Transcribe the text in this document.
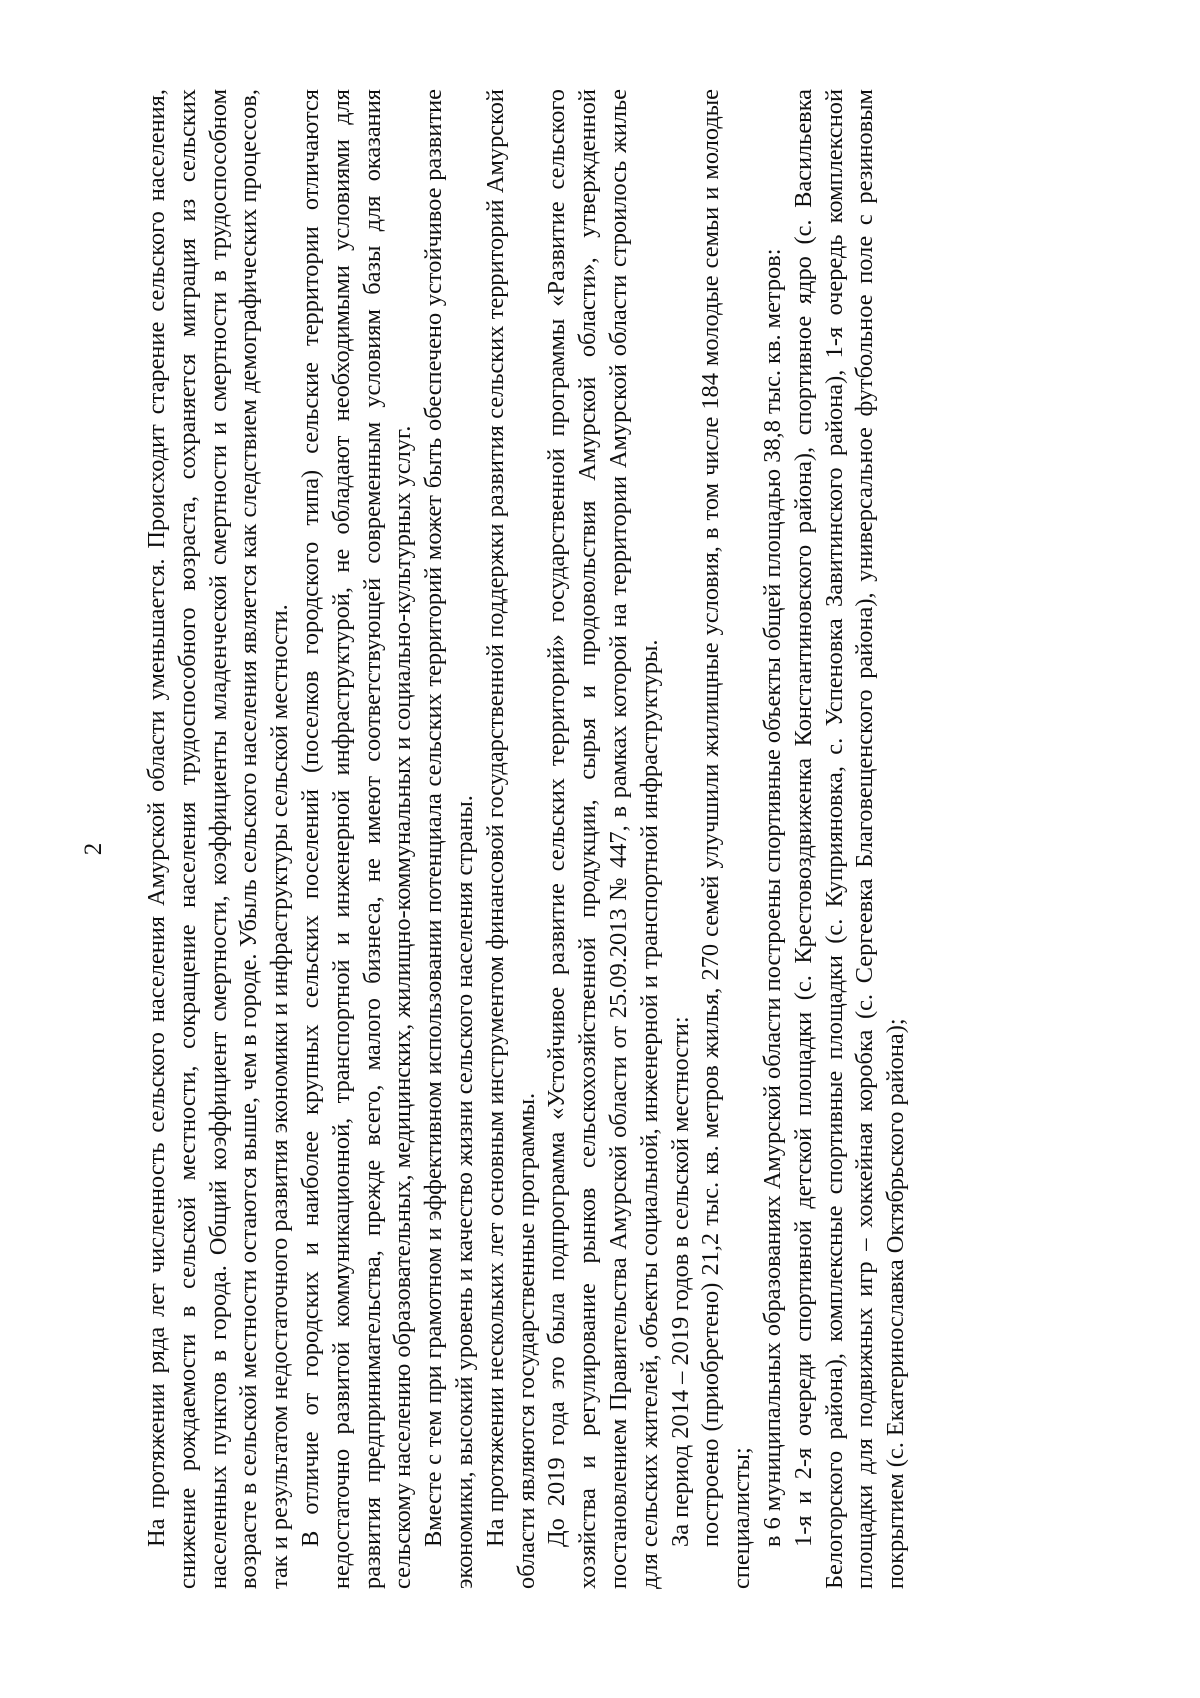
2 На протяжении ряда лет численность сельского населения Амурской области уменьшается. Происходит старение сельского населения, снижение рождаемости в сельской местности, сокращение населения трудоспособного возраста, сохраняется миграция из сельских населенных пунктов в города. Общий коэффициент смертности, коэффициенты младенческой смертности и смертности в трудоспособном возрасте в сельской местности остаются выше, чем в городе. Убыль сельского населения является как следствием демографических процессов, так и результатом недостаточного развития экономики и инфраструктуры сельской местности. В отличие от городских и наиболее крупных сельских поселений (поселков городского типа) сельские территории отличаются недостаточно развитой коммуникационной, транспортной и инженерной инфраструктурой, не обладают необходимыми условиями для развития предпринимательства, прежде всего, малого бизнеса, не имеют соответствующей современным условиям базы для оказания сельскому населению образовательных, медицинских, жилищно-коммунальных и социально-культурных услуг. Вместе с тем при грамотном и эффективном использовании потенциала сельских территорий может быть обеспечено устойчивое развитие экономики, высокий уровень и качество жизни сельского населения страны. На протяжении нескольких лет основным инструментом финансовой государственной поддержки развития сельских территорий Амурской области являются государственные программы. До 2019 года это была подпрограмма «Устойчивое развитие сельских территорий» государственной программы «Развитие сельского хозяйства и регулирование рынков сельскохозяйственной продукции, сырья и продовольствия Амурской области», утвержденной постановлением Правительства Амурской области от 25.09.2013 № 447, в рамках которой на территории Амурской области строилось жилье для сельских жителей, объекты социальной, инженерной и транспортной инфраструктуры. За период 2014 – 2019 годов в сельской местности: построено (приобретено) 21,2 тыс. кв. метров жилья, 270 семей улучшили жилищные условия, в том числе 184 молодые семьи и молодые специалисты; в 6 муниципальных образованиях Амурской области построены спортивные объекты общей площадью 38,8 тыс. кв. метров: 1-я и 2-я очереди спортивной детской площадки (с. Крестовоздвиженка Константиновского района), спортивное ядро (с. Васильевка Белогорского района), комплексные спортивные площадки (с. Куприяновка, с. Успеновка Завитинского района), 1-я очередь комплексной площадки для подвижных игр – хоккейная коробка (с. Сергеевка Благовещенского района), универсальное футбольное поле с резиновым покрытием (с. Екатеринославка Октябрьского района);
